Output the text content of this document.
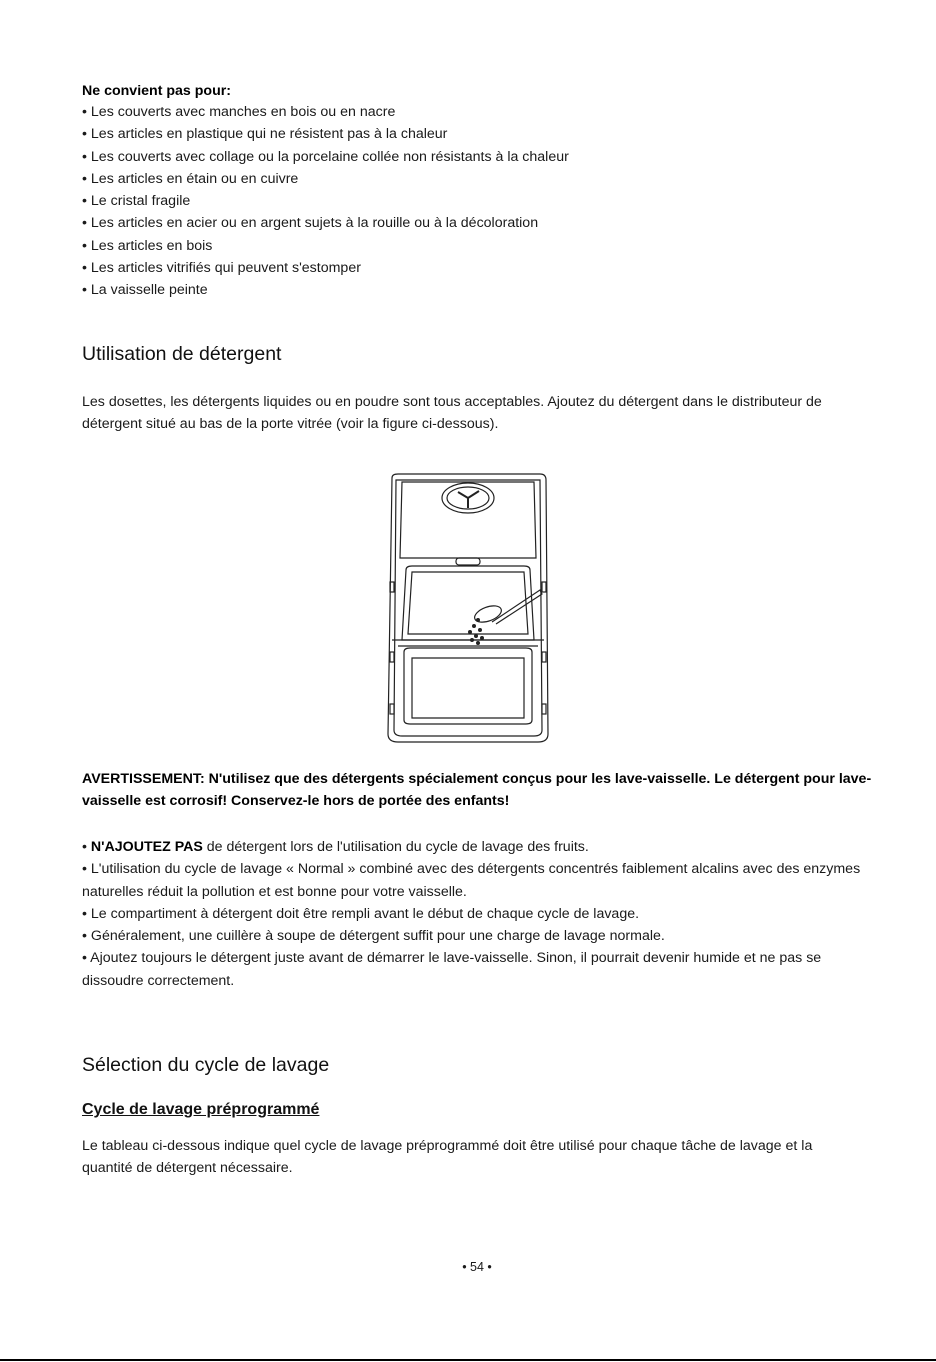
Ne convient pas pour:
• Les couverts avec manches en bois ou en nacre
• Les articles en plastique qui ne résistent pas à la chaleur
• Les couverts avec collage ou la porcelaine collée non résistants à la chaleur
• Les articles en étain ou en cuivre
• Le cristal fragile
• Les articles en acier ou en argent sujets à la rouille ou à la décoloration
• Les articles en bois
• Les articles vitrifiés qui peuvent s'estomper
• La vaisselle peinte
Utilisation de détergent
Les dosettes, les détergents liquides ou en poudre sont tous acceptables. Ajoutez du détergent dans le distributeur de détergent situé au bas de la porte vitrée (voir la figure ci-dessous).
AVERTISSEMENT: N'utilisez que des détergents spécialement conçus pour les lave-vaisselle. Le détergent pour lave-vaisselle est corrosif! Conservez-le hors de portée des enfants!
• N'AJOUTEZ PAS de détergent lors de l'utilisation du cycle de lavage des fruits.
• L'utilisation du cycle de lavage « Normal » combiné avec des détergents concentrés faiblement alcalins avec des enzymes naturelles réduit la pollution et est bonne pour votre vaisselle.
• Le compartiment à détergent doit être rempli avant le début de chaque cycle de lavage.
• Généralement, une cuillère à soupe de détergent suffit pour une charge de lavage normale.
• Ajoutez toujours le détergent juste avant de démarrer le lave-vaisselle. Sinon, il pourrait devenir humide et ne pas se dissoudre correctement.
Sélection du cycle de lavage
Cycle de lavage préprogrammé
Le tableau ci-dessous indique quel cycle de lavage préprogrammé doit être utilisé pour chaque tâche de lavage et la quantité de détergent nécessaire.
• 54 •
